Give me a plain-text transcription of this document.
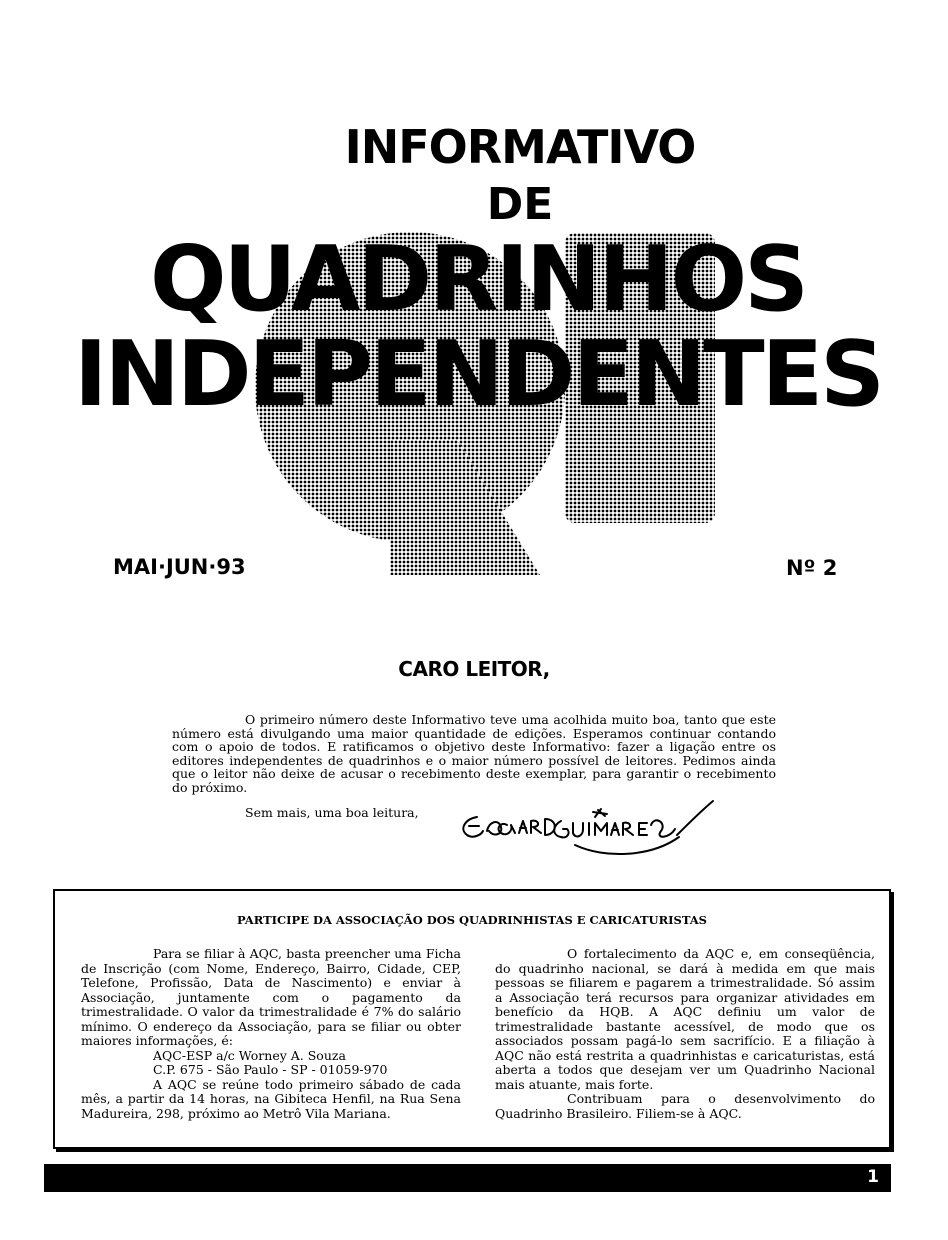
INFORMATIVO
DE
QUADRINHOS
INDEPENDENTES
MAI·JUN·93	Nº 2
CARO LEITOR,

O primeiro número deste Informativo teve uma acolhida muito boa, tanto que este número está divulgando uma maior quantidade de edições. Esperamos continuar contando com o apoio de todos. E ratificamos o objetivo deste Informativo: fazer a ligação entre os editores independentes de quadrinhos e o maior número possível de leitores. Pedimos ainda que o leitor não deixe de acusar o recebimento deste exemplar, para garantir o recebimento do próximo.

Sem mais, uma boa leitura,
PARTICIPE DA ASSOCIAÇÃO DOS QUADRINHISTAS E CARICATURISTAS

Para se filiar à AQC, basta preencher uma Ficha de Inscrição (com Nome, Endereço, Bairro, Cidade, CEP, Telefone, Profissão, Data de Nascimento) e enviar à Associação, juntamente com o pagamento da trimestralidade. O valor da trimestralidade é 7% do salário mínimo. O endereço da Associação, para se filiar ou obter maiores informações, é:

AQC-ESP a/c Worney A. Souza

C.P. 675 - São Paulo - SP - 01059-970

A AQC se reúne todo primeiro sábado de cada mês, a partir da 14 horas, na Gibiteca Henfil, na Rua Sena Madureira, 298, próximo ao Metrô Vila Mariana.

O fortalecimento da AQC e, em conseqüência, do quadrinho nacional, se dará à medida em que mais pessoas se filiarem e pagarem a trimestralidade. Só assim a Associação terá recursos para organizar atividades em benefício da HQB. A AQC definiu um valor de trimestralidade bastante acessível, de modo que os associados possam pagá-lo sem sacrifício. E a filiação à AQC não está restrita a quadrinhistas e caricaturistas, está aberta a todos que desejam ver um Quadrinho Nacional mais atuante, mais forte.

Contribuam para o desenvolvimento do Quadrinho Brasileiro. Filiem-se à AQC.

1
